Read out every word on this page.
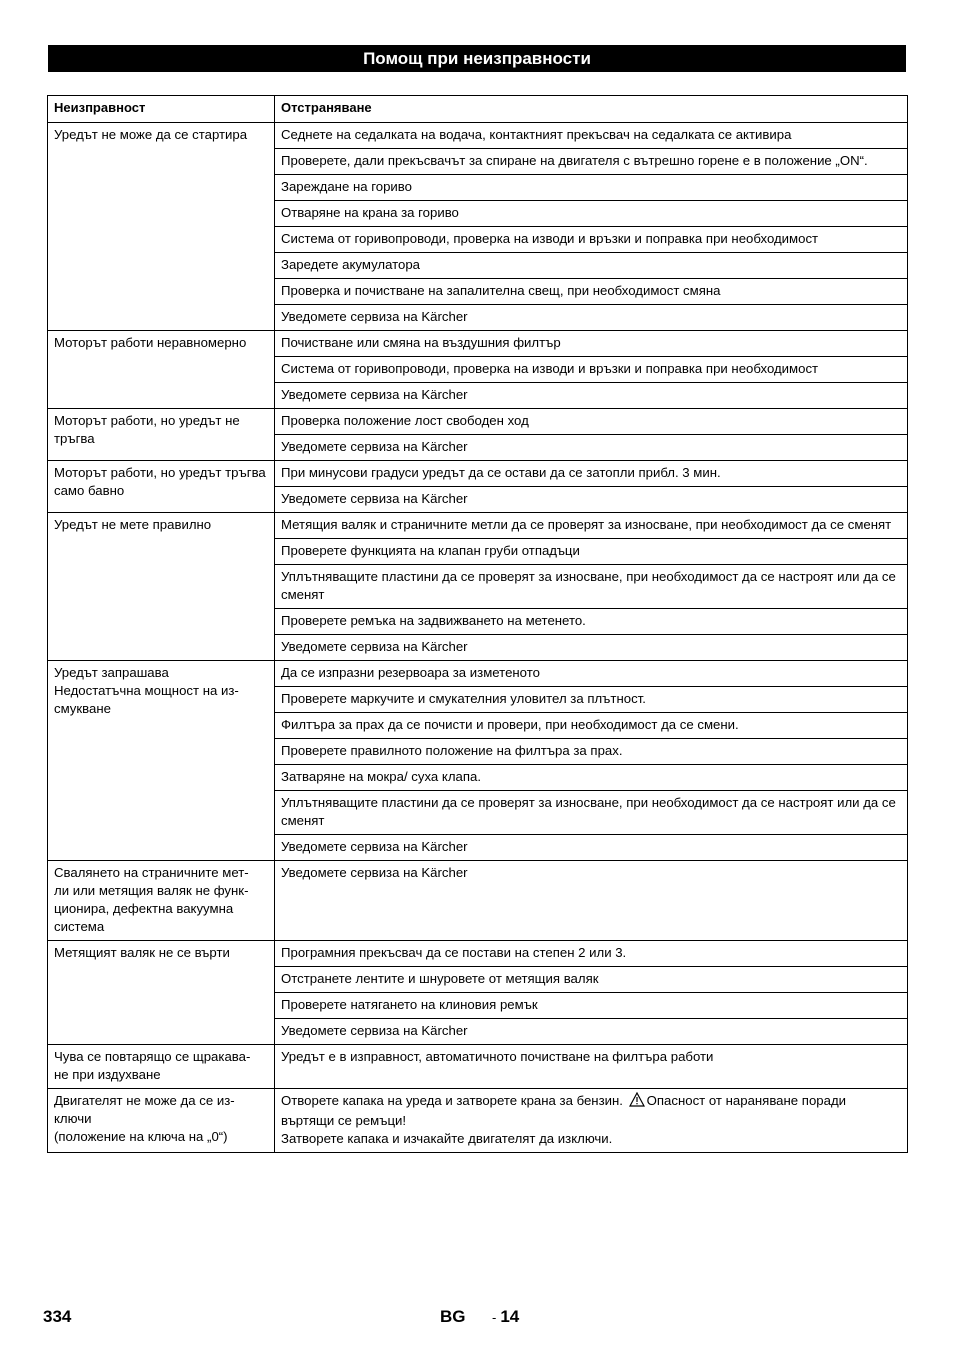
Помощ при неизправности
Неизправност	Отстраняване
Уредът не може да се стартира	Седнете на седалката на водача, контактният прекъсвач на седалката се активира
	Проверете, дали прекъсвачът за спиране на двигателя с вътрешно горене е в положение „ON“.
	Зареждане на гориво
	Отваряне на крана за гориво
	Система от горивопроводи, проверка на изводи и връзки и поправка при необходимост
	Заредете акумулатора
	Проверка и почистване на запалителна свещ, при необходимост смяна
	Уведомете сервиза на Kärcher
Моторът работи неравномерно	Почистване или смяна на въздушния филтър
	Система от горивопроводи, проверка на изводи и връзки и поправка при необходимост
	Уведомете сервиза на Kärcher
Моторът работи, но уредът не тръгва	Проверка положение лост свободен ход
	Уведомете сервиза на Kärcher
Моторът работи, но уредът тръгва само бавно	При минусови градуси уредът да се остави да се затопли прибл. 3 мин.
	Уведомете сервиза на Kärcher
Уредът не мете правилно	Метящия валяк и страничните метли да се проверят за износване, при необходимост да се сменят
	Проверете функцията на клапан груби отпадъци
	Уплътняващите пластини да се проверят за износване, при необходимост да се настроят или да се сменят
	Проверете ремъка на задвижването на метенето.
	Уведомете сервиза на Kärcher
Уредът запрашава
Недостатъчна мощност на из-
смукване	Да се изпразни резервоара за изметеното
	Проверете маркучите и смукателния уловител за плътност.
	Филтъра за прах да се почисти и провери, при необходимост да се смени.
	Проверете правилното положение на филтъра за прах.
	Затваряне на мокра/ суха клапа.
	Уплътняващите пластини да се проверят за износване, при необходимост да се настроят или да се сменят
	Уведомете сервиза на Kärcher
Свалянето на страничните мет-
ли или метящия валяк не функ-
ционира, дефектна вакуумна
система	Уведомете сервиза на Kärcher
Метящият валяк не се върти	Програмния прекъсвач да се постави на степен 2 или 3.
	Отстранете лентите и шнуровете от метящия валяк
	Проверете натягането на клиновия ремък
	Уведомете сервиза на Kärcher
Чува се повтарящо се щракава-
не при издухване	Уредът е в изправност, автоматичното почистване на филтъра работи
Двигателят не може да се из-
ключи
(положение на ключа на „0“)	Отворете капака на уреда и затворете крана за бензин. Опасност от нараняване поради въртящи се ремъци!
Затворете капака и изчакайте двигателят да изключи.
334	BG - 14
